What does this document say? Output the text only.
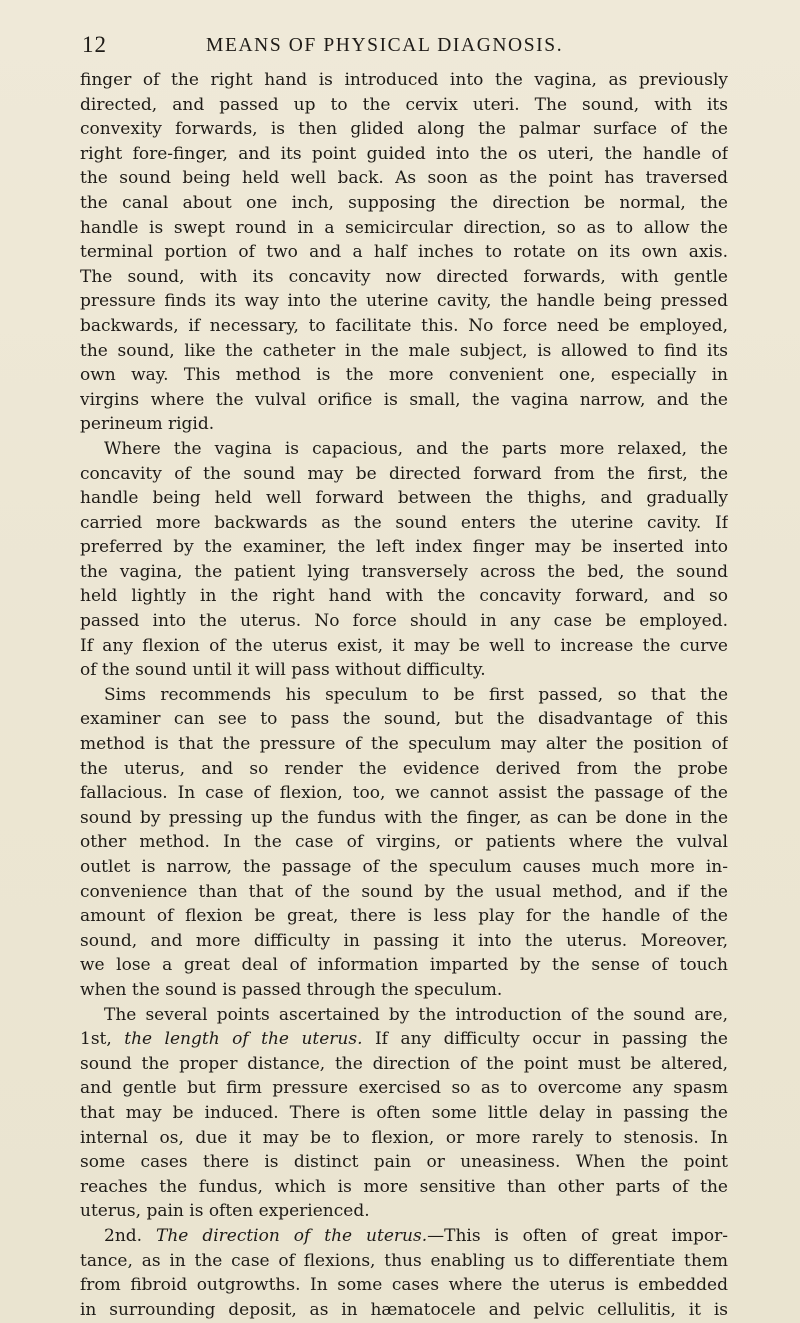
12	MEANS OF PHYSICAL DIAGNOSIS.
finger of the right hand is introduced into the vagina, as previously
directed, and passed up to the cervix uteri. The sound, with its
convexity forwards, is then glided along the palmar surface of the
right fore-finger, and its point guided into the os uteri, the handle of
the sound being held well back. As soon as the point has traversed
the canal about one inch, supposing the direction be normal, the
handle is swept round in a semicircular direction, so as to allow the
terminal portion of two and a half inches to rotate on its own axis.
The sound, with its concavity now directed forwards, with gentle
pressure finds its way into the uterine cavity, the handle being pressed
backwards, if necessary, to facilitate this. No force need be employed,
the sound, like the catheter in the male subject, is allowed to find its
own way. This method is the more convenient one, especially in
virgins where the vulval orifice is small, the vagina narrow, and the
perineum rigid.
Where the vagina is capacious, and the parts more relaxed, the
concavity of the sound may be directed forward from the first, the
handle being held well forward between the thighs, and gradually
carried more backwards as the sound enters the uterine cavity. If
preferred by the examiner, the left index finger may be inserted into
the vagina, the patient lying transversely across the bed, the sound
held lightly in the right hand with the concavity forward, and so
passed into the uterus. No force should in any case be employed.
If any flexion of the uterus exist, it may be well to increase the curve
of the sound until it will pass without difficulty.
Sims recommends his speculum to be first passed, so that the
examiner can see to pass the sound, but the disadvantage of this
method is that the pressure of the speculum may alter the position of
the uterus, and so render the evidence derived from the probe
fallacious. In case of flexion, too, we cannot assist the passage of the
sound by pressing up the fundus with the finger, as can be done in the
other method. In the case of virgins, or patients where the vulval
outlet is narrow, the passage of the speculum causes much more in-
convenience than that of the sound by the usual method, and if the
amount of flexion be great, there is less play for the handle of the
sound, and more difficulty in passing it into the uterus. Moreover,
we lose a great deal of information imparted by the sense of touch
when the sound is passed through the speculum.
The several points ascertained by the introduction of the sound are,
1st, the length of the uterus. If any difficulty occur in passing the
sound the proper distance, the direction of the point must be altered,
and gentle but firm pressure exercised so as to overcome any spasm
that may be induced. There is often some little delay in passing the
internal os, due it may be to flexion, or more rarely to stenosis. In
some cases there is distinct pain or uneasiness. When the point
reaches the fundus, which is more sensitive than other parts of the
uterus, pain is often experienced.
2nd. The direction of the uterus.—This is often of great impor-
tance, as in the case of flexions, thus enabling us to differentiate them
from fibroid outgrowths. In some cases where the uterus is embedded
in surrounding deposit, as in hæmatocele and pelvic cellulitis, it is
